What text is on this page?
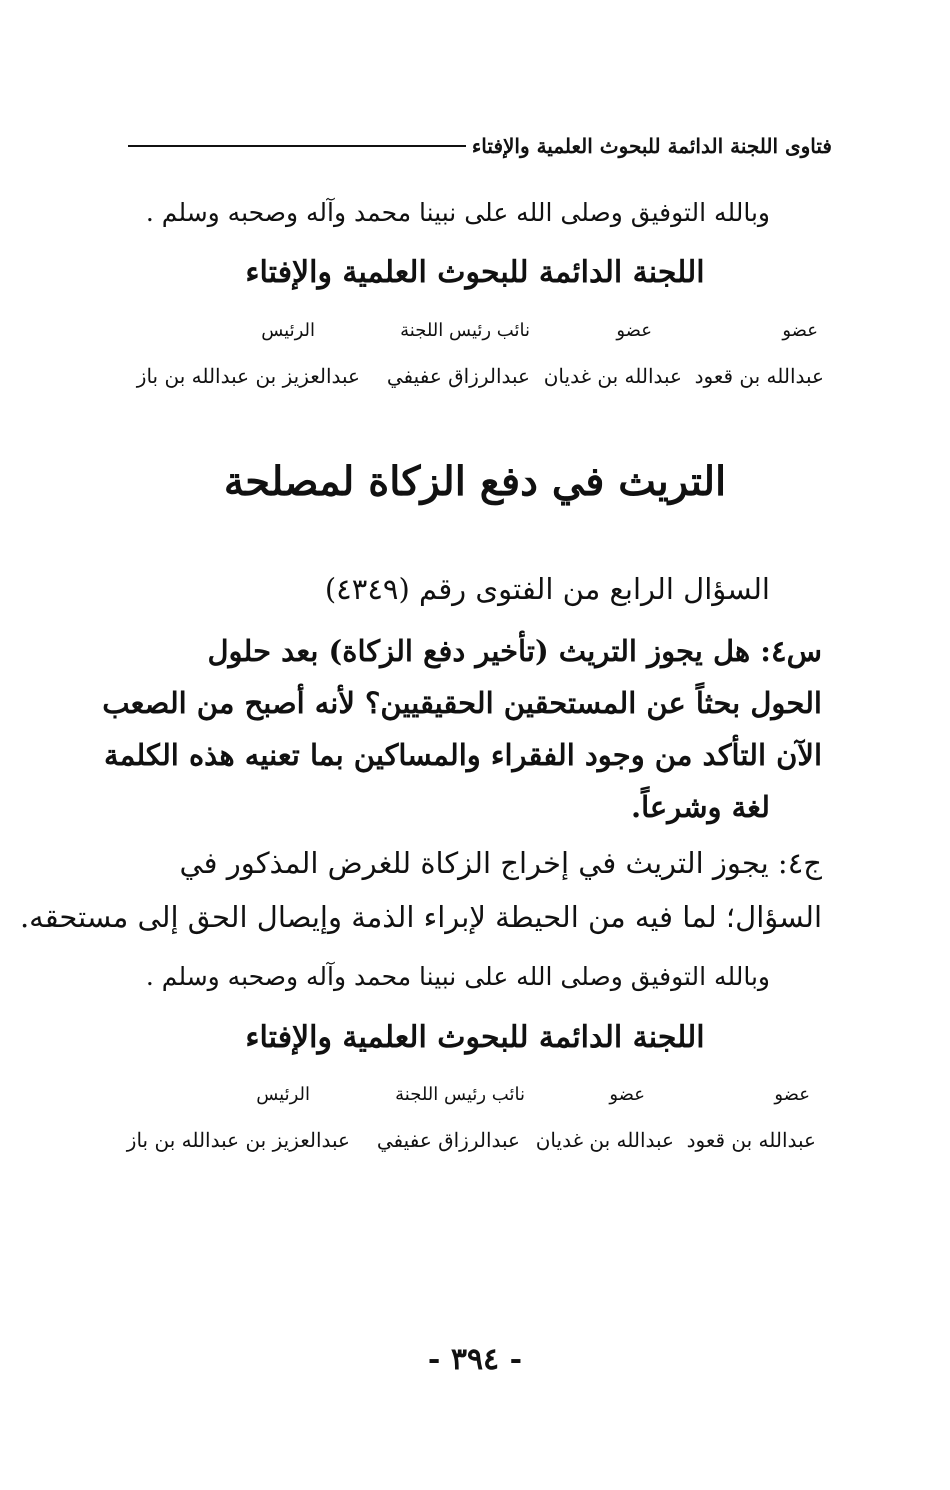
فتاوى اللجنة الدائمة للبحوث العلمية والإفتاء
وبالله التوفيق وصلى الله على نبينا محمد وآله وصحبه وسلم .
اللجنة الدائمة للبحوث العلمية والإفتاء
عضو
عضو
نائب رئيس اللجنة
الرئيس
عبدالله بن قعود
عبدالله بن غديان
عبدالرزاق عفيفي
عبدالعزيز بن عبدالله بن باز
التريث في دفع الزكاة لمصلحة
السؤال الرابع من الفتوى رقم (٤٣٤٩)
س٤: هل يجوز التريث (تأخير دفع الزكاة) بعد حلول
الحول بحثاً عن المستحقين الحقيقيين؟ لأنه أصبح من الصعب
الآن التأكد من وجود الفقراء والمساكين بما تعنيه هذه الكلمة
لغة وشرعاً.
ج٤: يجوز التريث في إخراج الزكاة للغرض المذكور في
السؤال؛ لما فيه من الحيطة لإبراء الذمة وإيصال الحق إلى مستحقه.
وبالله التوفيق وصلى الله على نبينا محمد وآله وصحبه وسلم .
اللجنة الدائمة للبحوث العلمية والإفتاء
عضو
عضو
نائب رئيس اللجنة
الرئيس
عبدالله بن قعود
عبدالله بن غديان
عبدالرزاق عفيفي
عبدالعزيز بن عبدالله بن باز
- ٣٩٤ -
